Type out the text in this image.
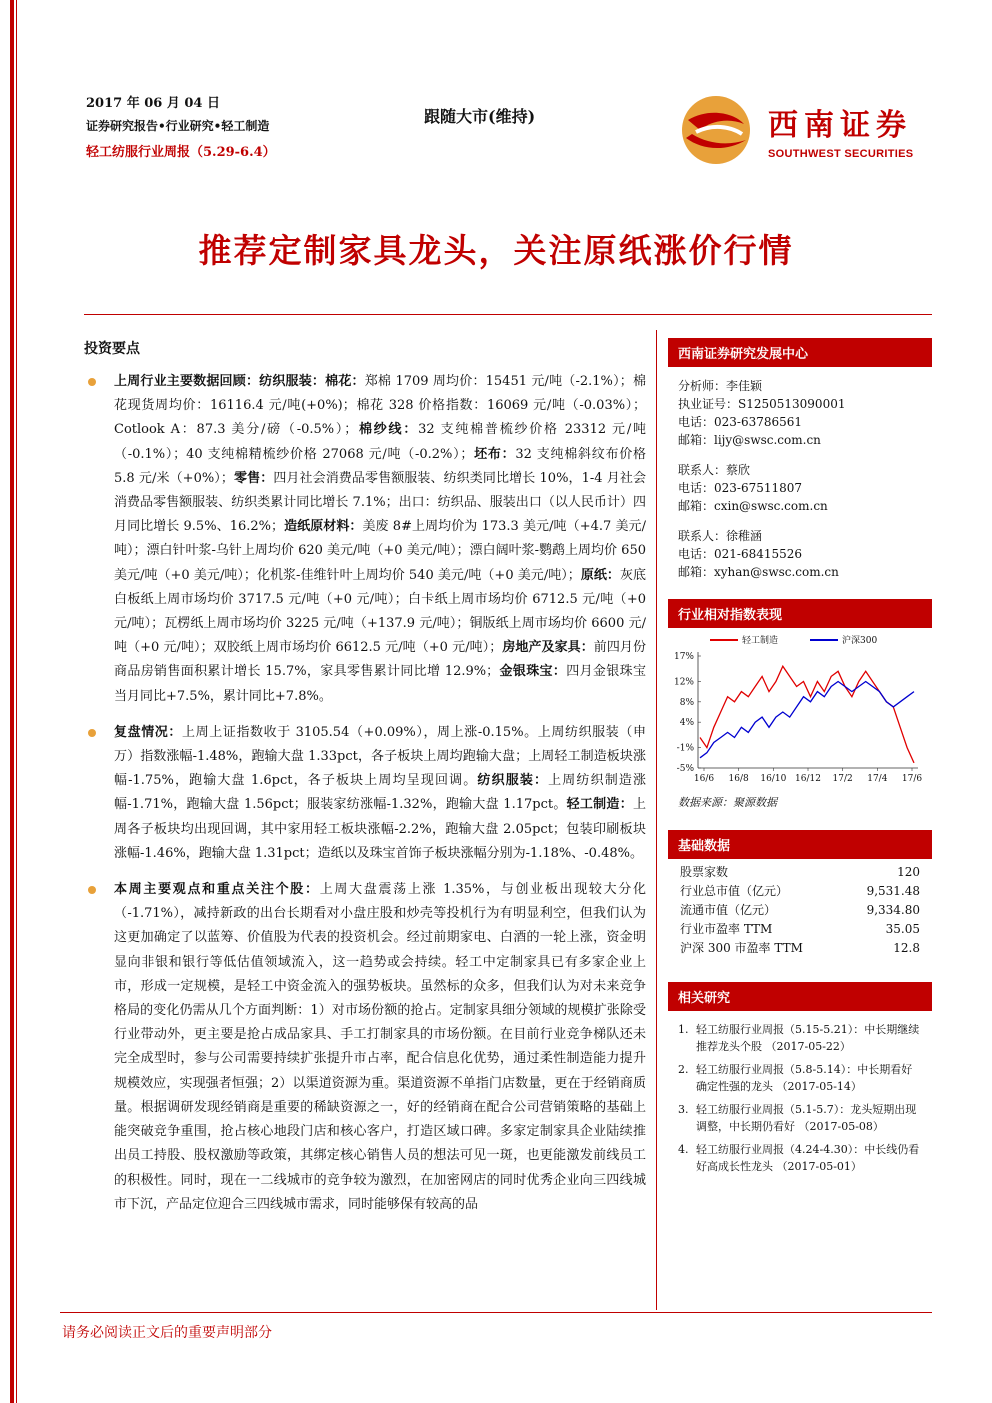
2017 年 06 月 04 日
证券研究报告•行业研究•轻工制造
轻工纺服行业周报（5.29-6.4）
跟随大市(维持)	西南证券
SOUTHWEST SECURITIES
推荐定制家具龙头，关注原纸涨价行情
投资要点
上周行业主要数据回顾：纺织服装：棉花：郑棉 1709 周均价：15451 元/吨（-2.1%）；棉花现货周均价：16116.4 元/吨(+0%)；棉花 328 价格指数：16069 元/吨（-0.03%）；Cotlook A：87.3 美分/磅（-0.5%）；棉纱线：32 支纯棉普梳纱价格 23312 元/吨（-0.1%）；40 支纯棉精梳纱价格 27068 元/吨（-0.2%）；坯布：32 支纯棉斜纹布价格 5.8 元/米（+0%）；零售：四月社会消费品零售额服装、纺织类同比增长 10%，1-4 月社会消费品零售额服装、纺织类累计同比增长 7.1%；出口：纺织品、服装出口（以人民币计）四月同比增长 9.5%、16.2%；造纸原材料：美废 8#上周均价为 173.3 美元/吨（+4.7 美元/吨）；漂白针叶浆-乌针上周均价 620 美元/吨（+0 美元/吨）；漂白阔叶浆-鹦鹉上周均价 650 美元/吨（+0 美元/吨）；化机浆-佳维针叶上周均价 540 美元/吨（+0 美元/吨）；原纸：灰底白板纸上周市场均价 3717.5 元/吨（+0 元/吨）；白卡纸上周市场均价 6712.5 元/吨（+0 元/吨）；瓦楞纸上周市场均价 3225 元/吨（+137.9 元/吨）；铜版纸上周市场均价 6600 元/吨（+0 元/吨）；双胶纸上周市场均价 6612.5 元/吨（+0 元/吨）；房地产及家具：前四月份商品房销售面积累计增长 15.7%，家具零售累计同比增 12.9%；金银珠宝：四月金银珠宝当月同比+7.5%，累计同比+7.8%。
复盘情况：上周上证指数收于 3105.54（+0.09%），周上涨-0.15%。上周纺织服装（申万）指数涨幅-1.48%，跑输大盘 1.33pct，各子板块上周均跑输大盘；上周轻工制造板块涨幅-1.75%，跑输大盘 1.6pct，各子板块上周均呈现回调。纺织服装：上周纺织制造涨幅-1.71%，跑输大盘 1.56pct；服装家纺涨幅-1.32%，跑输大盘 1.17pct。轻工制造：上周各子板块均出现回调，其中家用轻工板块涨幅-2.2%，跑输大盘 2.05pct；包装印刷板块涨幅-1.46%，跑输大盘 1.31pct；造纸以及珠宝首饰子板块涨幅分别为-1.18%、-0.48%。
本周主要观点和重点关注个股：上周大盘震荡上涨 1.35%，与创业板出现较大分化（-1.71%），减持新政的出台长期看对小盘庄股和炒壳等投机行为有明显利空，但我们认为这更加确定了以蓝筹、价值股为代表的投资机会。经过前期家电、白酒的一轮上涨，资金明显向非银和银行等低估值领域流入，这一趋势或会持续。轻工中定制家具已有多家企业上市，形成一定规模，是轻工中资金流入的强势板块。虽然标的众多，但我们认为对未来竞争格局的变化仍需从几个方面判断：1）对市场份额的抢占。定制家具细分领域的规模扩张除受行业带动外，更主要是抢占成品家具、手工打制家具的市场份额。在目前行业竞争梯队还未完全成型时，参与公司需要持续扩张提升市占率，配合信息化优势，通过柔性制造能力提升规模效应，实现强者恒强；2）以渠道资源为重。渠道资源不单指门店数量，更在于经销商质量。根据调研发现经销商是重要的稀缺资源之一，好的经销商在配合公司营销策略的基础上能突破竞争重围，抢占核心地段门店和核心客户，打造区域口碑。多家定制家具企业陆续推出员工持股、股权激励等政策，其绑定核心销售人员的想法可见一斑，也更能激发前线员工的积极性。同时，现在一二线城市的竞争较为激烈，在加密网店的同时优秀企业向三四线城市下沉，产品定位迎合三四线城市需求，同时能够保有较高的品
西南证券研究发展中心
分析师：李佳颖
执业证号：S1250513090001
电话：023-63786561
邮箱：lijy@swsc.com.cn
联系人：蔡欣
电话：023-67511807
邮箱：cxin@swsc.com.cn
联系人：徐稚涵
电话：021-68415526
邮箱：xyhan@swsc.com.cn
行业相对指数表现
轻工制造	沪深300
17%
12%
8%
4%
-1%
-5%
16/6 16/8 16/10 16/12 17/2 17/4 17/6
数据来源：聚源数据
基础数据
股票家数	120
行业总市值（亿元）	9,531.48
流通市值（亿元）	9,334.80
行业市盈率 TTM	35.05
沪深 300 市盈率 TTM	12.8
相关研究
1. 轻工纺服行业周报（5.15-5.21）：中长期继续推荐龙头个股 （2017-05-22）
2. 轻工纺服行业周报（5.8-5.14）：中长期看好确定性强的龙头 （2017-05-14）
3. 轻工纺服行业周报（5.1-5.7）：龙头短期出现调整，中长期仍看好 （2017-05-08）
4. 轻工纺服行业周报（4.24-4.30）：中长线仍看好高成长性龙头 （2017-05-01）
请务必阅读正文后的重要声明部分
